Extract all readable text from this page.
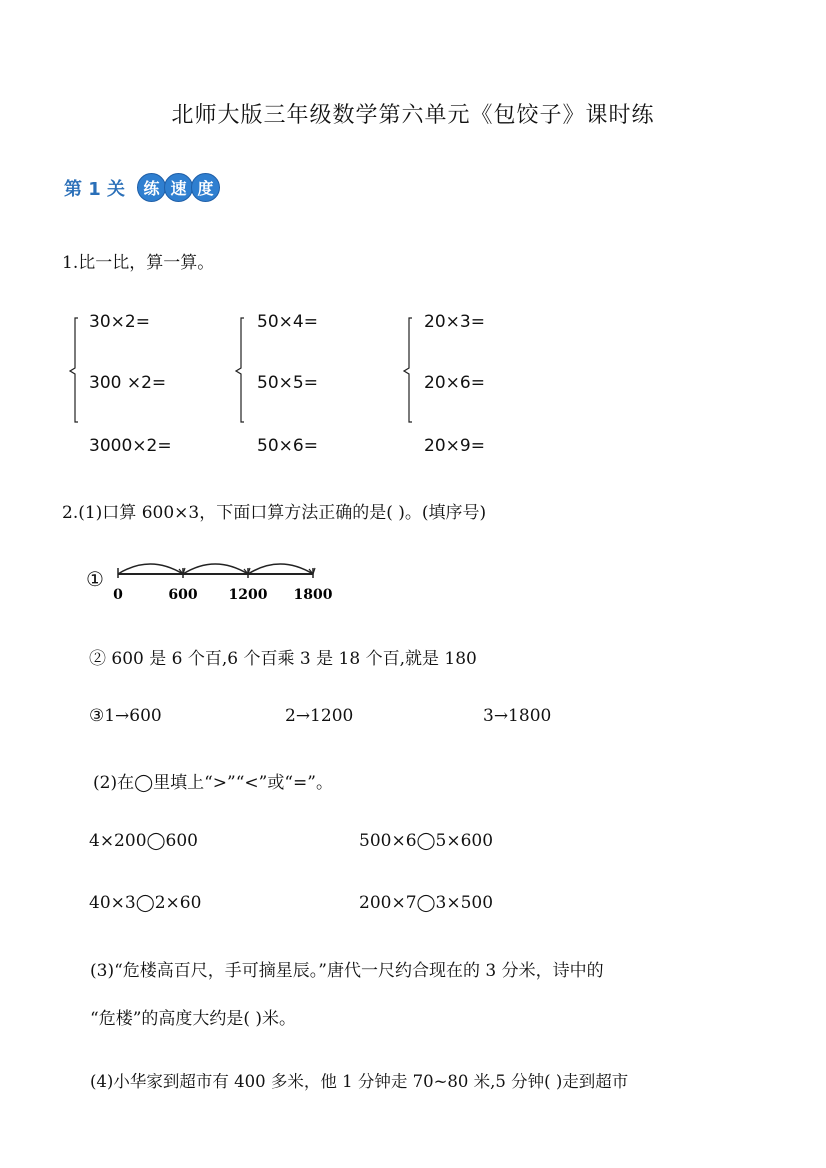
北师大版三年级数学第六单元《包饺子》课时练
第 1 关	练 速 度
1.比一比，算一算。
30×2=
300 ×2=
3000×2=
50×4=
50×5=
50×6=
20×3=
20×6=
20×9=
2.(1)口算 600×3，下面口算方法正确的是( )。(填序号)
①
0	600 1200 1800
② 600 是 6 个百,6 个百乘 3 是 18 个百,就是 180
③1→600	2→1200	3→1800
(2)在◯里填上“>”“<”或“=”。
4×200◯600	500×6◯5×600
40×3◯2×60	200×7◯3×500
(3)“危楼高百尺，手可摘星辰。”唐代一尺约合现在的 3 分米，诗中的
“危楼”的高度大约是( )米。
(4)小华家到超市有 400 多米，他 1 分钟走 70~80 米,5 分钟( )走到超市
